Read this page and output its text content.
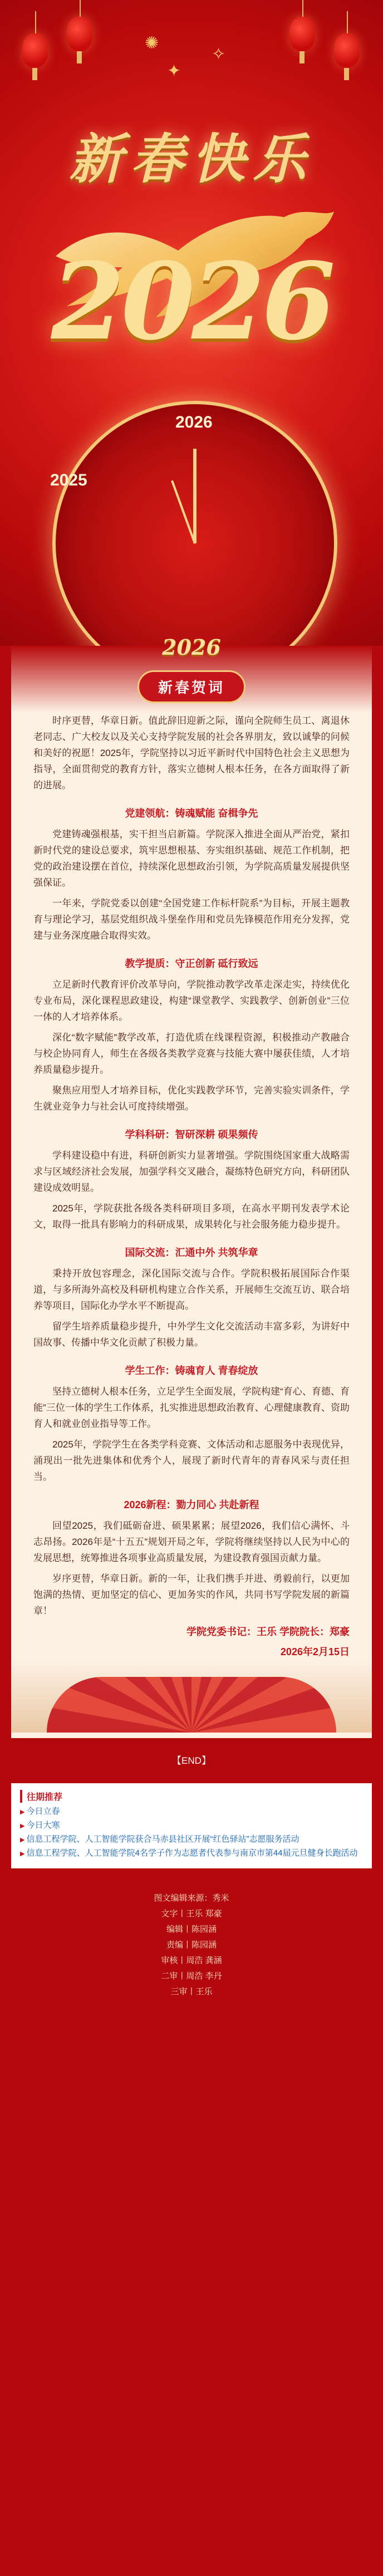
✦
✧
✺
新春快乐
2026
2026
2025
2026
新春贺词

时序更替，华章日新。值此辞旧迎新之际，谨向全院师生员工、离退休老同志、广大校友以及关心支持学院发展的社会各界朋友，致以诚挚的问候和美好的祝愿！2025年，学院坚持以习近平新时代中国特色社会主义思想为指导，全面贯彻党的教育方针，落实立德树人根本任务，在各方面取得了新的进展。

党建领航：铸魂赋能 奋楫争先

党建铸魂强根基，实干担当启新篇。学院深入推进全面从严治党，紧扣新时代党的建设总要求，筑牢思想根基、夯实组织基础、规范工作机制，把党的政治建设摆在首位，持续深化思想政治引领，为学院高质量发展提供坚强保证。

一年来，学院党委以创建“全国党建工作标杆院系”为目标，开展主题教育与理论学习，基层党组织战斗堡垒作用和党员先锋模范作用充分发挥，党建与业务深度融合取得实效。

教学提质：守正创新 砥行致远

立足新时代教育评价改革导向，学院推动教学改革走深走实，持续优化专业布局，深化课程思政建设，构建“课堂教学、实践教学、创新创业”三位一体的人才培养体系。

深化“数字赋能”教学改革，打造优质在线课程资源，积极推动产教融合与校企协同育人，师生在各级各类教学竞赛与技能大赛中屡获佳绩，人才培养质量稳步提升。

聚焦应用型人才培养目标，优化实践教学环节，完善实验实训条件，学生就业竞争力与社会认可度持续增强。

学科科研：智研深耕 硕果频传

学科建设稳中有进，科研创新实力显著增强。学院围绕国家重大战略需求与区域经济社会发展，加强学科交叉融合，凝练特色研究方向，科研团队建设成效明显。

2025年，学院获批各级各类科研项目多项，在高水平期刊发表学术论文，取得一批具有影响力的科研成果，成果转化与社会服务能力稳步提升。

国际交流：汇通中外 共筑华章

秉持开放包容理念，深化国际交流与合作。学院积极拓展国际合作渠道，与多所海外高校及科研机构建立合作关系，开展师生交流互访、联合培养等项目，国际化办学水平不断提高。

留学生培养质量稳步提升，中外学生文化交流活动丰富多彩，为讲好中国故事、传播中华文化贡献了积极力量。

学生工作：铸魂育人 青春绽放

坚持立德树人根本任务，立足学生全面发展，学院构建“育心、育德、育能”三位一体的学生工作体系，扎实推进思想政治教育、心理健康教育、资助育人和就业创业指导等工作。

2025年，学院学生在各类学科竞赛、文体活动和志愿服务中表现优异，涌现出一批先进集体和优秀个人，展现了新时代青年的青春风采与责任担当。

2026新程：勠力同心 共赴新程

回望2025，我们砥砺奋进、硕果累累；展望2026，我们信心满怀、斗志昂扬。2026年是“十五五”规划开局之年，学院将继续坚持以人民为中心的发展思想，统筹推进各项事业高质量发展，为建设教育强国贡献力量。

岁序更替，华章日新。新的一年，让我们携手并进、勇毅前行，以更加饱满的热情、更加坚定的信心、更加务实的作风，共同书写学院发展的新篇章！

学院党委书记：王乐 学院院长：郑豪
2026年2月15日
【END】
往期推荐
▶ 今日立春
▶ 今日大寒
▶ 信息工程学院、人工智能学院获合马赤县社区开展“红色驿站”志愿服务活动
▶ 信息工程学院、人工智能学院4名学子作为志愿者代表参与南京市第44届元旦健身长跑活动
图文编辑来源：秀米
文字丨王乐 郑豪
编辑丨陈园涵
责编丨陈园涵
审核丨周浩 龚涵
二审丨周浩 李丹
三审丨王乐
